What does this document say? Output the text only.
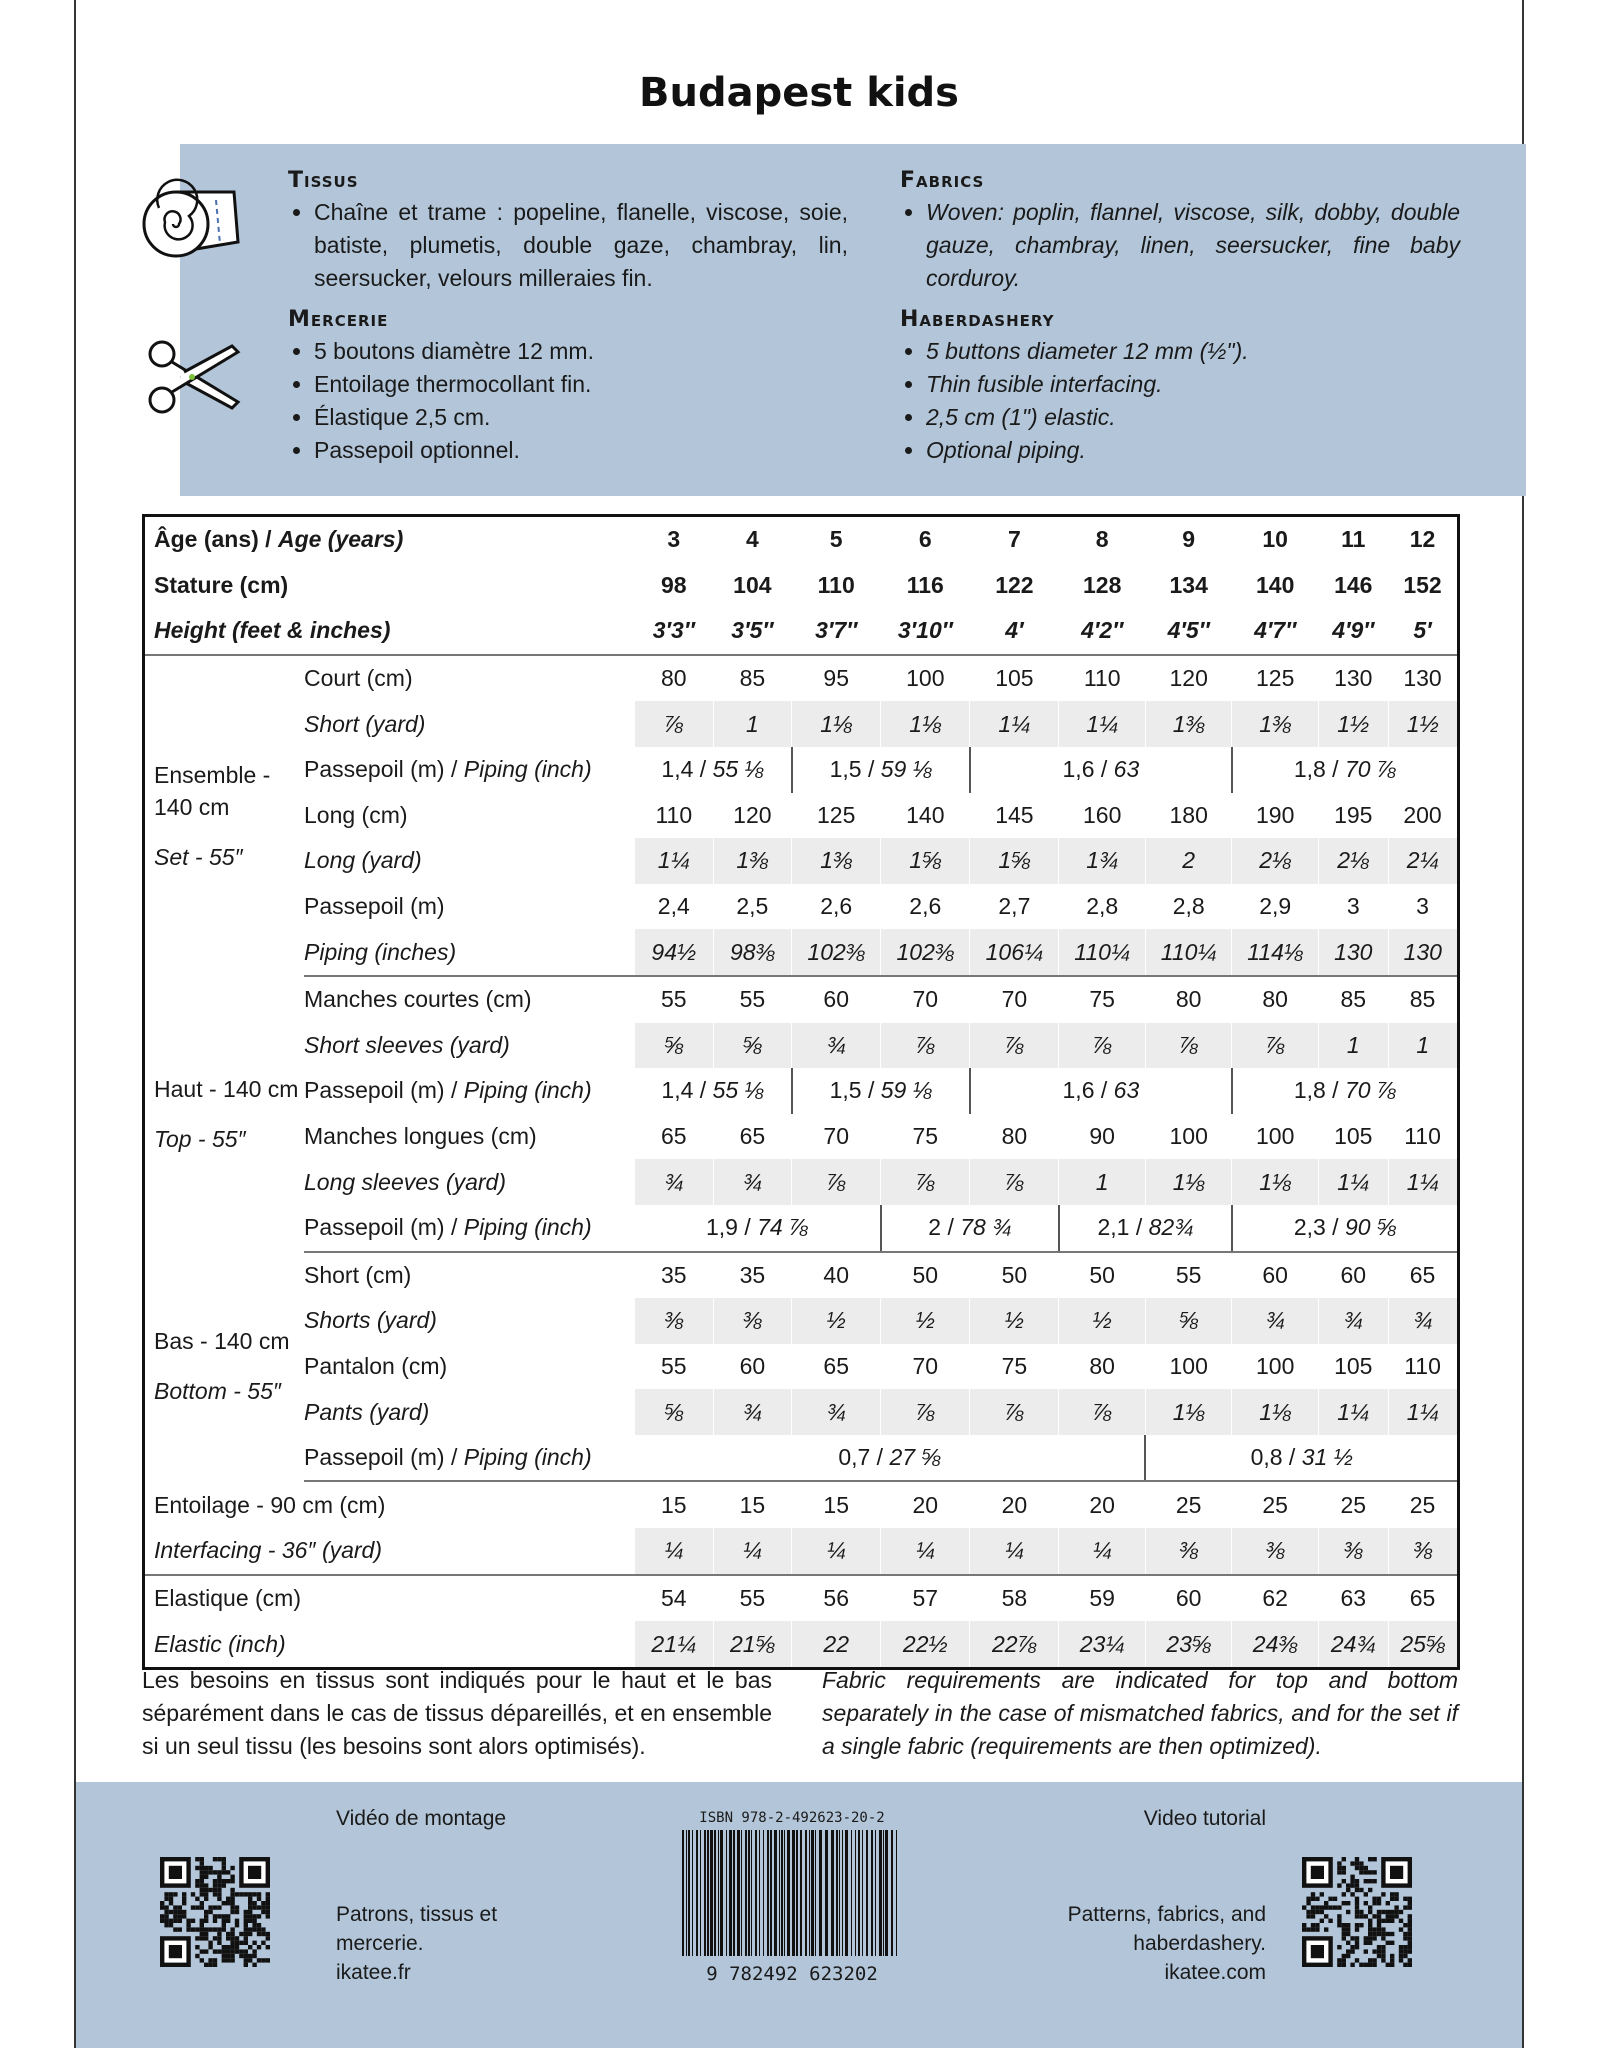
Budapest kids
Tissus
• Chaîne et trame : popeline, flanelle, viscose, soie, batiste, plumetis, double gaze, chambray, lin, seersucker, velours milleraies fin.
Mercerie
• 5 boutons diamètre 12 mm.
• Entoilage thermocollant fin.
• Élastique 2,5 cm.
• Passepoil optionnel.
Fabrics
• Woven: poplin, flannel, viscose, silk, dobby, double gauze, chambray, linen, seersucker, fine baby corduroy.
Haberdashery
• 5 buttons diameter 12 mm (½").
• Thin fusible interfacing.
• 2,5 cm (1") elastic.
• Optional piping.
Âge (ans) / Age (years)		3	4	5	6	7	8	9	10	11	12
Stature (cm)		98	104	110	116	122	128	134	140	146	152
Height (feet & inches)		3′3″	3′5″	3′7″	3′10″	4′	4′2″	4′5″	4′7″	4′9″	5′

Ensemble - 140 cm
Set - 55″	Court (cm)	80	85	95	100	105	110	120	125	130	130
	Short (yard)	⅞	1	1⅛	1⅛	1¼	1¼	1⅜	1⅜	1½	1½
	Passepoil (m) / Piping (inch)	1,4 / 55 ⅛		1,5 / 59 ⅛		1,6 / 63			1,8 / 70 ⅞		
	Long (cm)	110	120	125	140	145	160	180	190	195	200
	Long (yard)	1¼	1⅜	1⅜	1⅝	1⅝	1¾	2	2⅛	2⅛	2¼
	Passepoil (m)	2,4	2,5	2,6	2,6	2,7	2,8	2,8	2,9	3	3
	Piping (inches)	94½	98⅜	102⅜	102⅜	106¼	110¼	110¼	114⅛	130	130

Haut - 140 cm
Top - 55″	Manches courtes (cm)	55	55	60	70	70	75	80	80	85	85
	Short sleeves (yard)	⅝	⅝	¾	⅞	⅞	⅞	⅞	⅞	1	1
	Passepoil (m) / Piping (inch)	1,4 / 55 ⅛		1,5 / 59 ⅛		1,6 / 63			1,8 / 70 ⅞		
	Manches longues (cm)	65	65	70	75	80	90	100	100	105	110
	Long sleeves (yard)	¾	¾	⅞	⅞	⅞	1	1⅛	1⅛	1¼	1¼
	Passepoil (m) / Piping (inch)	1,9 / 74 ⅞			2 / 78 ¾		2,1 / 82¾		2,3 / 90 ⅝		

Bas - 140 cm
Bottom - 55″	Short (cm)	35	35	40	50	50	50	55	60	60	65
	Shorts (yard)	⅜	⅜	½	½	½	½	⅝	¾	¾	¾
	Pantalon (cm)	55	60	65	70	75	80	100	100	105	110
	Pants (yard)	⅝	¾	¾	⅞	⅞	⅞	1⅛	1⅛	1¼	1¼
	Passepoil (m) / Piping (inch)	0,7 / 27 ⅝						0,8 / 31 ½			
Entoilage - 90 cm (cm)		15	15	15	20	20	20	25	25	25	25
Interfacing - 36″ (yard)		¼	¼	¼	¼	¼	¼	⅜	⅜	⅜	⅜
Elastique (cm)		54	55	56	57	58	59	60	62	63	65
Elastic (inch)		21¼	21⅝	22	22½	22⅞	23¼	23⅝	24⅜	24¾	25⅝
Les besoins en tissus sont indiqués pour le haut et le bas séparément dans le cas de tissus dépareillés, et en ensemble si un seul tissu (les besoins sont alors optimisés).
Fabric requirements are indicated for top and bottom separately in the case of mismatched fabrics, and for the set if a single fabric (requirements are then optimized).
Vidéo de montage
Patrons, tissus et
mercerie.
ikatee.fr
ISBN 978-2-492623-20-2
9 782492 623202
Video tutorial
Patterns, fabrics, and
haberdashery.
ikatee.com
